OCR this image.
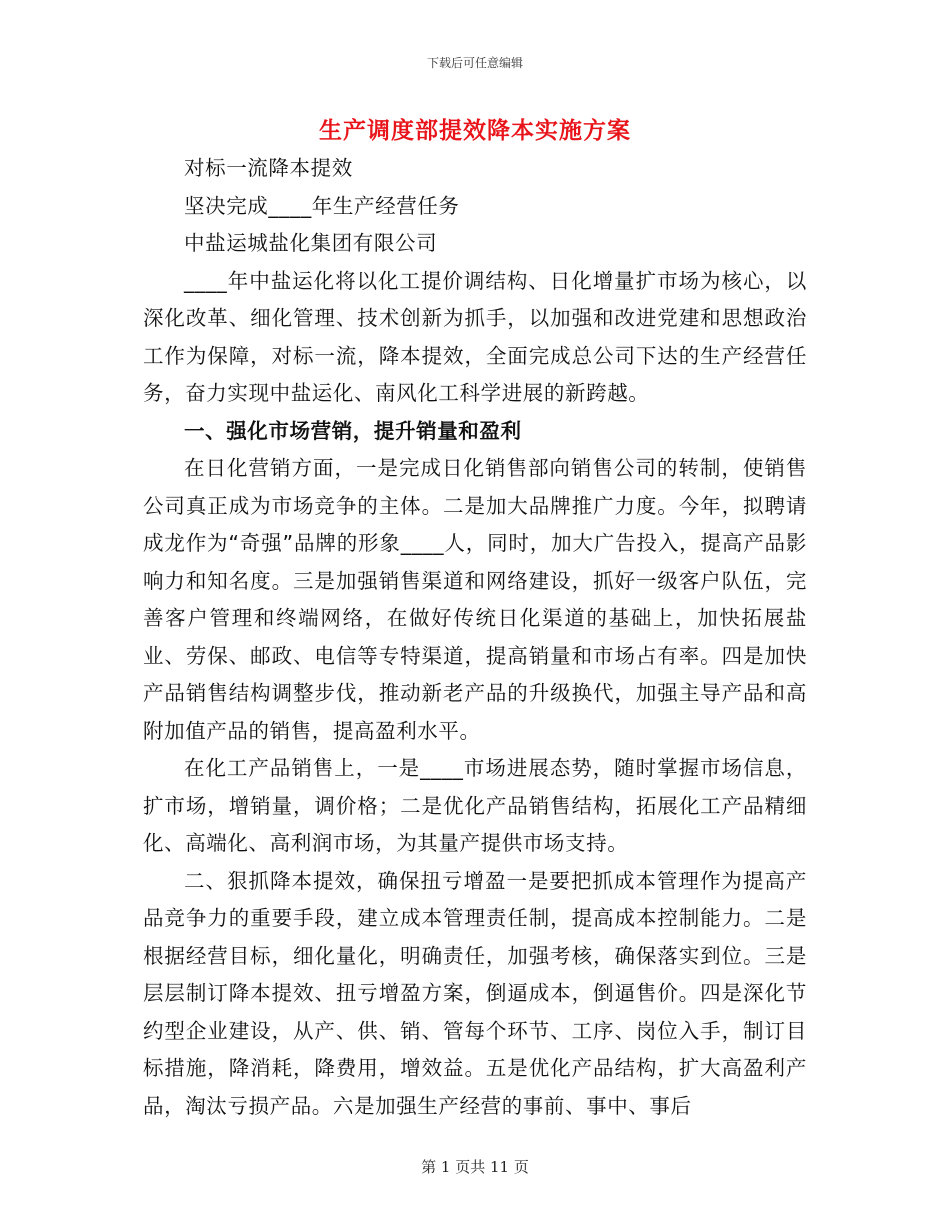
下载后可任意编辑
生产调度部提效降本实施方案

对标一流降本提效

坚决完成____年生产经营任务

中盐运城盐化集团有限公司

____年中盐运化将以化工提价调结构、日化增量扩市场为核心，以深化改革、细化管理、技术创新为抓手，以加强和改进党建和思想政治工作为保障，对标一流，降本提效，全面完成总公司下达的生产经营任务，奋力实现中盐运化、南风化工科学进展的新跨越。

一、强化市场营销，提升销量和盈利

在日化营销方面，一是完成日化销售部向销售公司的转制，使销售公司真正成为市场竞争的主体。二是加大品牌推广力度。今年，拟聘请成龙作为“奇强”品牌的形象____人，同时，加大广告投入，提高产品影响力和知名度。三是加强销售渠道和网络建设，抓好一级客户队伍，完善客户管理和终端网络，在做好传统日化渠道的基础上，加快拓展盐业、劳保、邮政、电信等专特渠道，提高销量和市场占有率。四是加快产品销售结构调整步伐，推动新老产品的升级换代，加强主导产品和高附加值产品的销售，提高盈利水平。

在化工产品销售上，一是____市场进展态势，随时掌握市场信息，扩市场，增销量，调价格；二是优化产品销售结构，拓展化工产品精细化、高端化、高利润市场，为其量产提供市场支持。

二、狠抓降本提效，确保扭亏增盈一是要把抓成本管理作为提高产品竞争力的重要手段，建立成本管理责任制，提高成本控制能力。二是根据经营目标，细化量化，明确责任，加强考核，确保落实到位。三是层层制订降本提效、扭亏增盈方案，倒逼成本，倒逼售价。四是深化节约型企业建设，从产、供、销、管每个环节、工序、岗位入手，制订目标措施，降消耗，降费用，增效益。五是优化产品结构，扩大高盈利产品，淘汰亏损产品。六是加强生产经营的事前、事中、事后

第 1 页共 11 页
